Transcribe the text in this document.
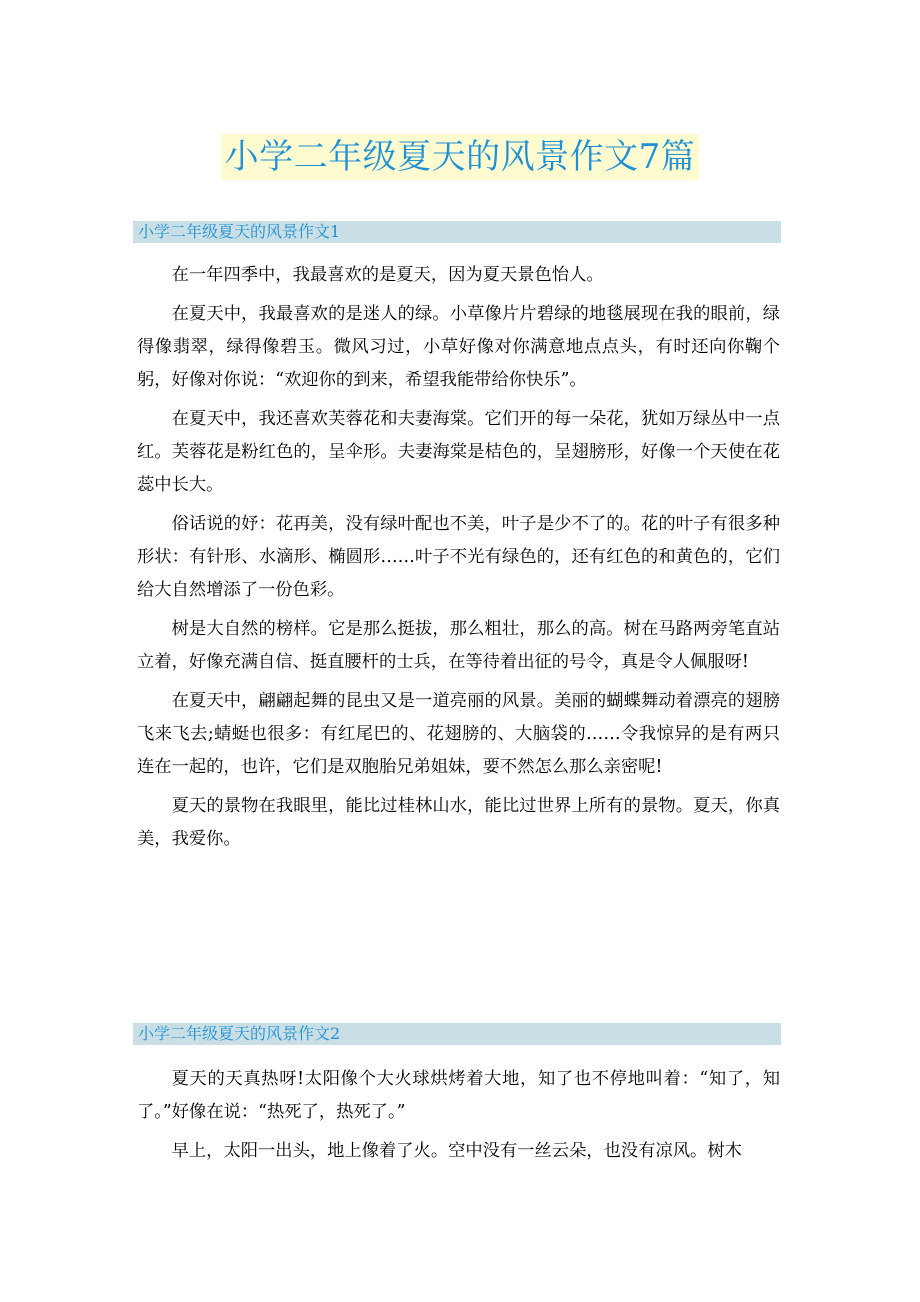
小学二年级夏天的风景作文7篇
小学二年级夏天的风景作文1

在一年四季中，我最喜欢的是夏天，因为夏天景色怡人。

在夏天中，我最喜欢的是迷人的绿。小草像片片碧绿的地毯展现在我的眼前，绿得像翡翠，绿得像碧玉。微风习过，小草好像对你满意地点点头，有时还向你鞠个躬，好像对你说：“欢迎你的到来，希望我能带给你快乐”。

在夏天中，我还喜欢芙蓉花和夫妻海棠。它们开的每一朵花，犹如万绿丛中一点红。芙蓉花是粉红色的，呈伞形。夫妻海棠是桔色的，呈翅膀形，好像一个天使在花蕊中长大。

俗话说的妤：花再美，没有绿叶配也不美，叶子是少不了的。花的叶子有很多种形状：有针形、水滴形、椭圆形……叶子不光有绿色的，还有红色的和黄色的，它们给大自然增添了一份色彩。

树是大自然的榜样。它是那么挺拔，那么粗壮，那么的高。树在马路两旁笔直站立着，好像充满自信、挺直腰杆的士兵，在等待着出征的号令，真是令人佩服呀!

在夏天中，翩翩起舞的昆虫又是一道亮丽的风景。美丽的蝴蝶舞动着漂亮的翅膀飞来飞去;蜻蜓也很多：有红尾巴的、花翅膀的、大脑袋的……令我惊异的是有两只连在一起的，也许，它们是双胞胎兄弟姐妹，要不然怎么那么亲密呢!

夏天的景物在我眼里，能比过桂林山水，能比过世界上所有的景物。夏天，你真美，我爱你。

小学二年级夏天的风景作文2

夏天的天真热呀!太阳像个大火球烘烤着大地，知了也不停地叫着：“知了，知了。”好像在说：“热死了，热死了。”

早上，太阳一出头，地上像着了火。空中没有一丝云朵，也没有凉风。树木
